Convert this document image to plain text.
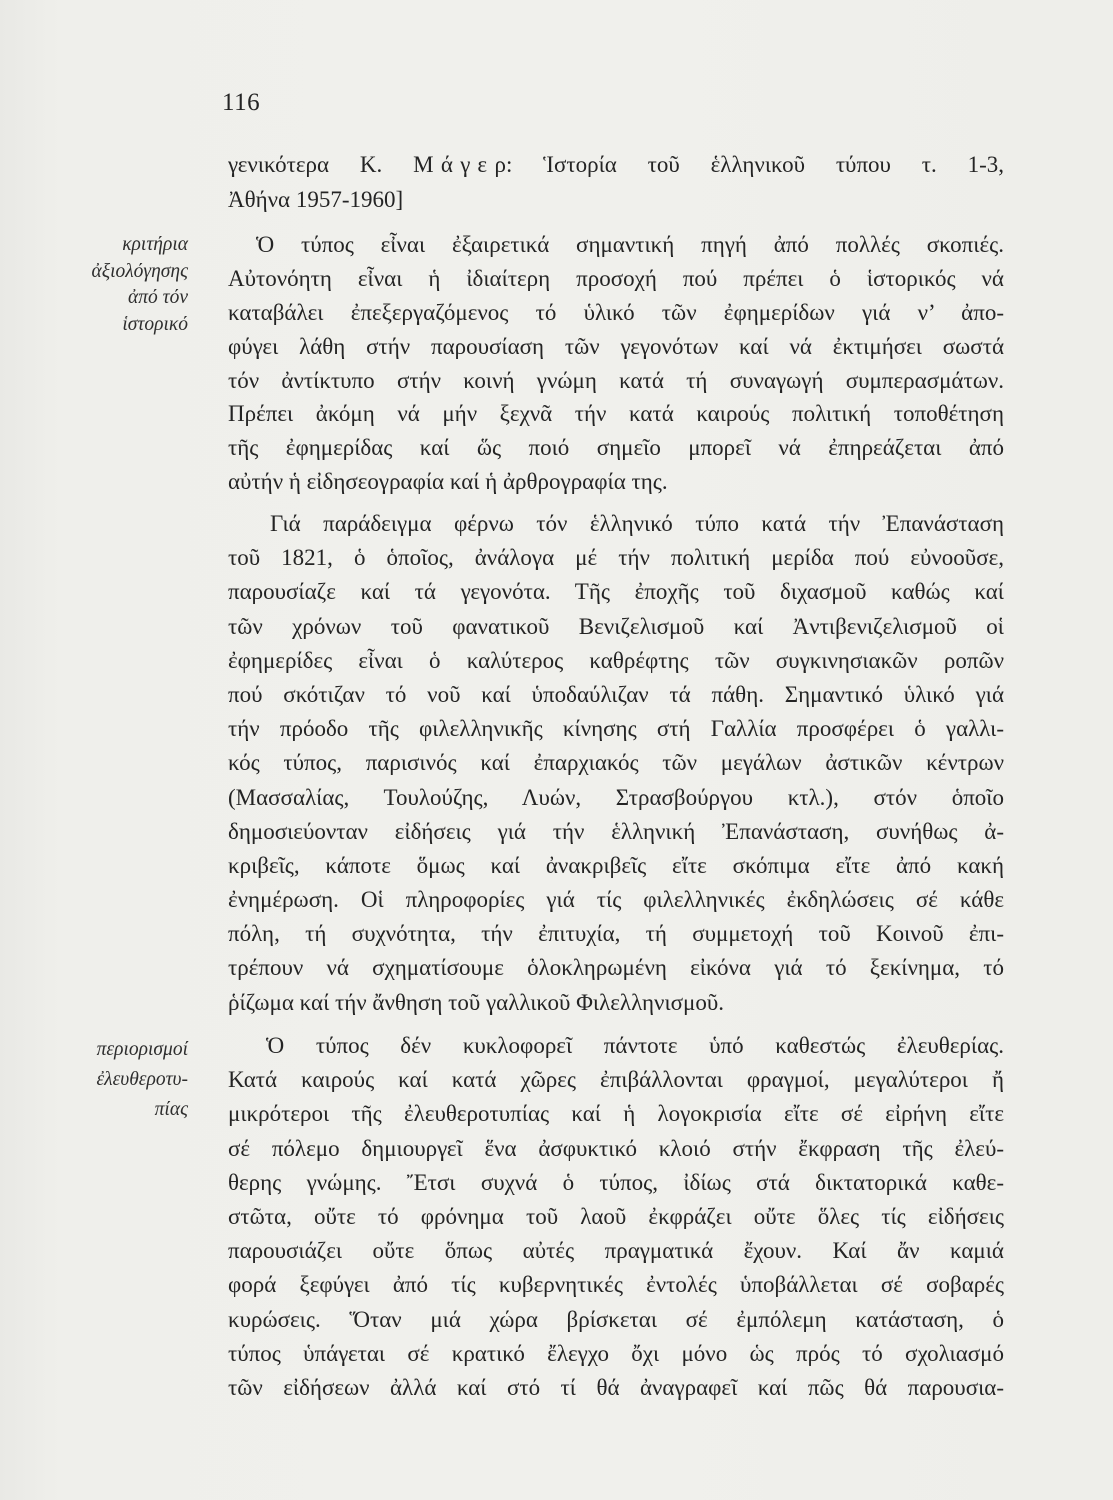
116
γενικότερα Κ. Μάγερ: Ἱστορία τοῦ ἑλληνικοῦ τύπου τ. 1-3,
Ἀθήνα 1957-1960]
κριτήρια
ἀξιολόγησης
ἀπό τόν
ἱστορικό
Ὁ τύπος εἶναι ἐξαιρετικά σημαντική πηγή ἀπό πολλές σκοπιές.
Αὐτονόητη εἶναι ἡ ἰδιαίτερη προσοχή πού πρέπει ὁ ἱστορικός νά
καταβάλει ἐπεξεργαζόμενος τό ὑλικό τῶν ἐφημερίδων γιά ν’ ἀπο-
φύγει λάθη στήν παρουσίαση τῶν γεγονότων καί νά ἐκτιμήσει σωστά
τόν ἀντίκτυπο στήν κοινή γνώμη κατά τή συναγωγή συμπερασμάτων.
Πρέπει ἀκόμη νά μήν ξεχνᾶ τήν κατά καιρούς πολιτική τοποθέτηση
τῆς ἐφημερίδας καί ὥς ποιό σημεῖο μπορεῖ νά ἐπηρεάζεται ἀπό
αὐτήν ἡ εἰδησεογραφία καί ἡ ἀρθρογραφία της.
Γιά παράδειγμα φέρνω τόν ἑλληνικό τύπο κατά τήν Ἐπανάσταση
τοῦ 1821, ὁ ὁποῖος, ἀνάλογα μέ τήν πολιτική μερίδα πού εὐνοοῦσε,
παρουσίαζε καί τά γεγονότα. Τῆς ἐποχῆς τοῦ διχασμοῦ καθώς καί
τῶν χρόνων τοῦ φανατικοῦ Βενιζελισμοῦ καί Ἀντιβενιζελισμοῦ οἱ
ἐφημερίδες εἶναι ὁ καλύτερος καθρέφτης τῶν συγκινησιακῶν ροπῶν
πού σκότιζαν τό νοῦ καί ὑποδαύλιζαν τά πάθη. Σημαντικό ὑλικό γιά
τήν πρόοδο τῆς φιλελληνικῆς κίνησης στή Γαλλία προσφέρει ὁ γαλλι-
κός τύπος, παρισινός καί ἐπαρχιακός τῶν μεγάλων ἀστικῶν κέντρων
(Μασσαλίας, Τουλούζης, Λυών, Στρασβούργου κτλ.), στόν ὁποῖο
δημοσιεύονταν εἰδήσεις γιά τήν ἑλληνική Ἐπανάσταση, συνήθως ἀ-
κριβεῖς, κάποτε ὅμως καί ἀνακριβεῖς εἴτε σκόπιμα εἴτε ἀπό κακή
ἐνημέρωση. Οἱ πληροφορίες γιά τίς φιλελληνικές ἐκδηλώσεις σέ κάθε
πόλη, τή συχνότητα, τήν ἐπιτυχία, τή συμμετοχή τοῦ Κοινοῦ ἐπι-
τρέπουν νά σχηματίσουμε ὁλοκληρωμένη εἰκόνα γιά τό ξεκίνημα, τό
ῥίζωμα καί τήν ἄνθηση τοῦ γαλλικοῦ Φιλελληνισμοῦ.
περιορισμοί
ἐλευθεροτυ-
πίας
Ὁ τύπος δέν κυκλοφορεῖ πάντοτε ὑπό καθεστώς ἐλευθερίας.
Κατά καιρούς καί κατά χῶρες ἐπιβάλλονται φραγμοί, μεγαλύτεροι ἤ
μικρότεροι τῆς ἐλευθεροτυπίας καί ἡ λογοκρισία εἴτε σέ εἰρήνη εἴτε
σέ πόλεμο δημιουργεῖ ἕνα ἀσφυκτικό κλοιό στήν ἔκφραση τῆς ἐλεύ-
θερης γνώμης. Ἔτσι συχνά ὁ τύπος, ἰδίως στά δικτατορικά καθε-
στῶτα, οὔτε τό φρόνημα τοῦ λαοῦ ἐκφράζει οὔτε ὅλες τίς εἰδήσεις
παρουσιάζει οὔτε ὅπως αὐτές πραγματικά ἔχουν. Καί ἄν καμιά
φορά ξεφύγει ἀπό τίς κυβερνητικές ἐντολές ὑποβάλλεται σέ σοβαρές
κυρώσεις. Ὅταν μιά χώρα βρίσκεται σέ ἐμπόλεμη κατάσταση, ὁ
τύπος ὑπάγεται σέ κρατικό ἔλεγχο ὄχι μόνο ὡς πρός τό σχολιασμό
τῶν εἰδήσεων ἀλλά καί στό τί θά ἀναγραφεῖ καί πῶς θά παρουσια-
